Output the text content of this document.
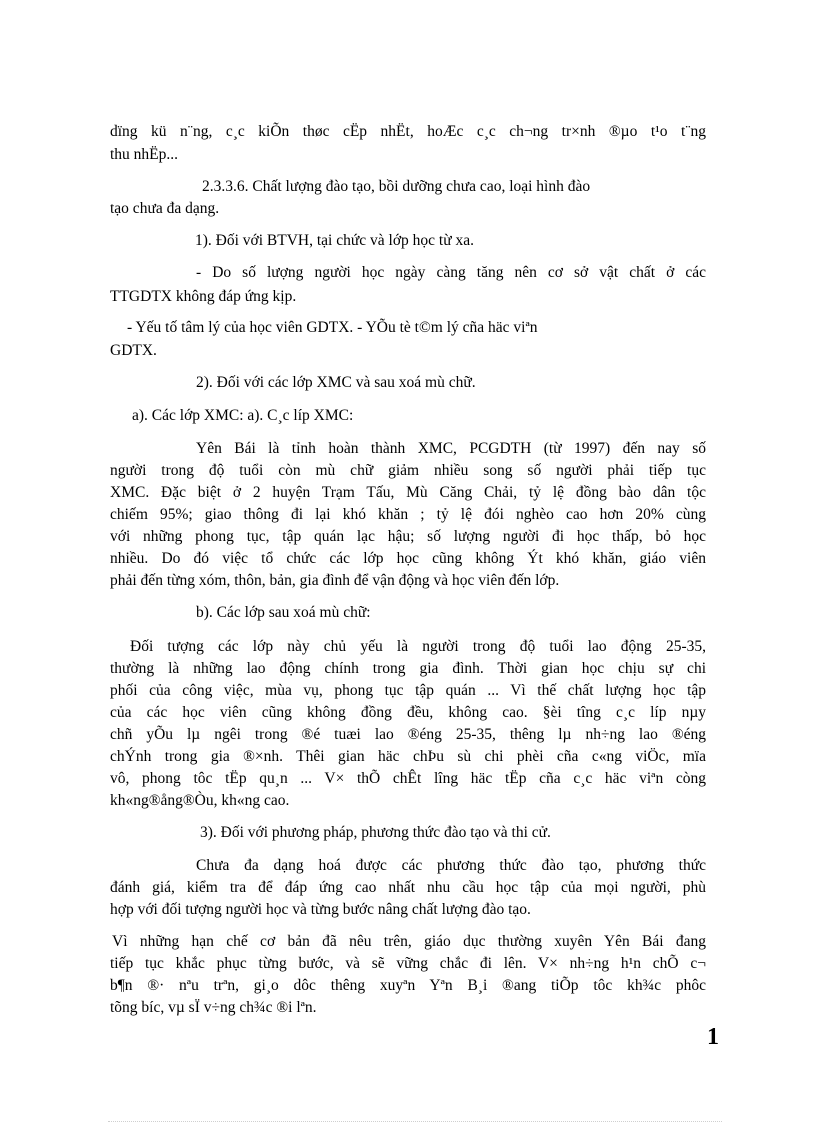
dïng kü n¨ng, c¸c kiÕn thøc cËp nhËt, hoÆc c¸c ch¬ng tr×nh ®µo t¹o t¨ng
thu nhËp...
2.3.3.6. Chất lượng đào tạo, bồi dưỡng chưa cao, loại hình đào
tạo chưa đa dạng.
1). Đối với BTVH, tại chức và lớp học từ xa.
- Do số lượng người học ngày càng tăng nên cơ sở vật chất ở các
TTGDTX không đáp ứng kịp.
- Yếu tố tâm lý của học viên GDTX. - YÕu tè t©m lý cña häc viªn
GDTX.
2). Đối với các lớp XMC và sau xoá mù chữ.
a). Các lớp XMC: a). C¸c líp XMC:
Yên Bái là tỉnh hoàn thành XMC, PCGDTH (từ 1997) đến nay số
người trong độ tuổi còn mù chữ giảm nhiều song số người phải tiếp tục
XMC. Đặc biệt ở 2 huyện Trạm Tấu, Mù Căng Chải, tỷ lệ đồng bào dân tộc
chiếm 95%; giao thông đi lại khó khăn ; tỷ lệ đói nghèo cao hơn 20% cùng
với những phong tục, tập quán lạc hậu; số lượng người đi học thấp, bỏ học
nhiều. Do đó việc tổ chức các lớp học cũng không Ýt khó khăn, giáo viên
phải đến từng xóm, thôn, bản, gia đình để vận động và học viên đến lớp.
b). Các lớp sau xoá mù chữ:
Đối tượng các lớp này chủ yếu là người trong độ tuổi lao động 25-35,
thường là những lao động chính trong gia đình. Thời gian học chịu sự chi
phối của công việc, mùa vụ, phong tục tập quán ... Vì thế chất lượng học tập
của các học viên cũng không đồng đều, không cao. §èi tîng c¸c líp nµy
chñ yÕu lµ ngêi trong ®é tuæi lao ®éng 25-35, thêng lµ nh÷ng lao ®éng
chÝnh trong gia ®×nh. Thêi gian häc chÞu sù chi phèi cña c«ng viÖc, mïa
vô, phong tôc tËp qu¸n ... V× thÕ chÊt lîng häc tËp cña c¸c häc viªn còng
kh«ng®ång®Òu, kh«ng cao.
3). Đối với phương pháp, phương thức đào tạo và thi cử.
Chưa đa dạng hoá được các phương thức đào tạo, phương thức
đánh giá, kiểm tra để đáp ứng cao nhất nhu cầu học tập của mọi người, phù
hợp với đối tượng người học và từng bước nâng chất lượng đào tạo.
Vì những hạn chế cơ bản đã nêu trên, giáo dục thường xuyên Yên Bái đang
tiếp tục khắc phục từng bước, và sẽ vững chắc đi lên. V× nh÷ng h¹n chÕ c¬
b¶n ®· nªu trªn, gi¸o dôc thêng xuyªn Yªn B¸i ®ang tiÕp tôc kh¾c phôc
tõng bíc, vµ sÏ v÷ng ch¾c ®i lªn.
1
